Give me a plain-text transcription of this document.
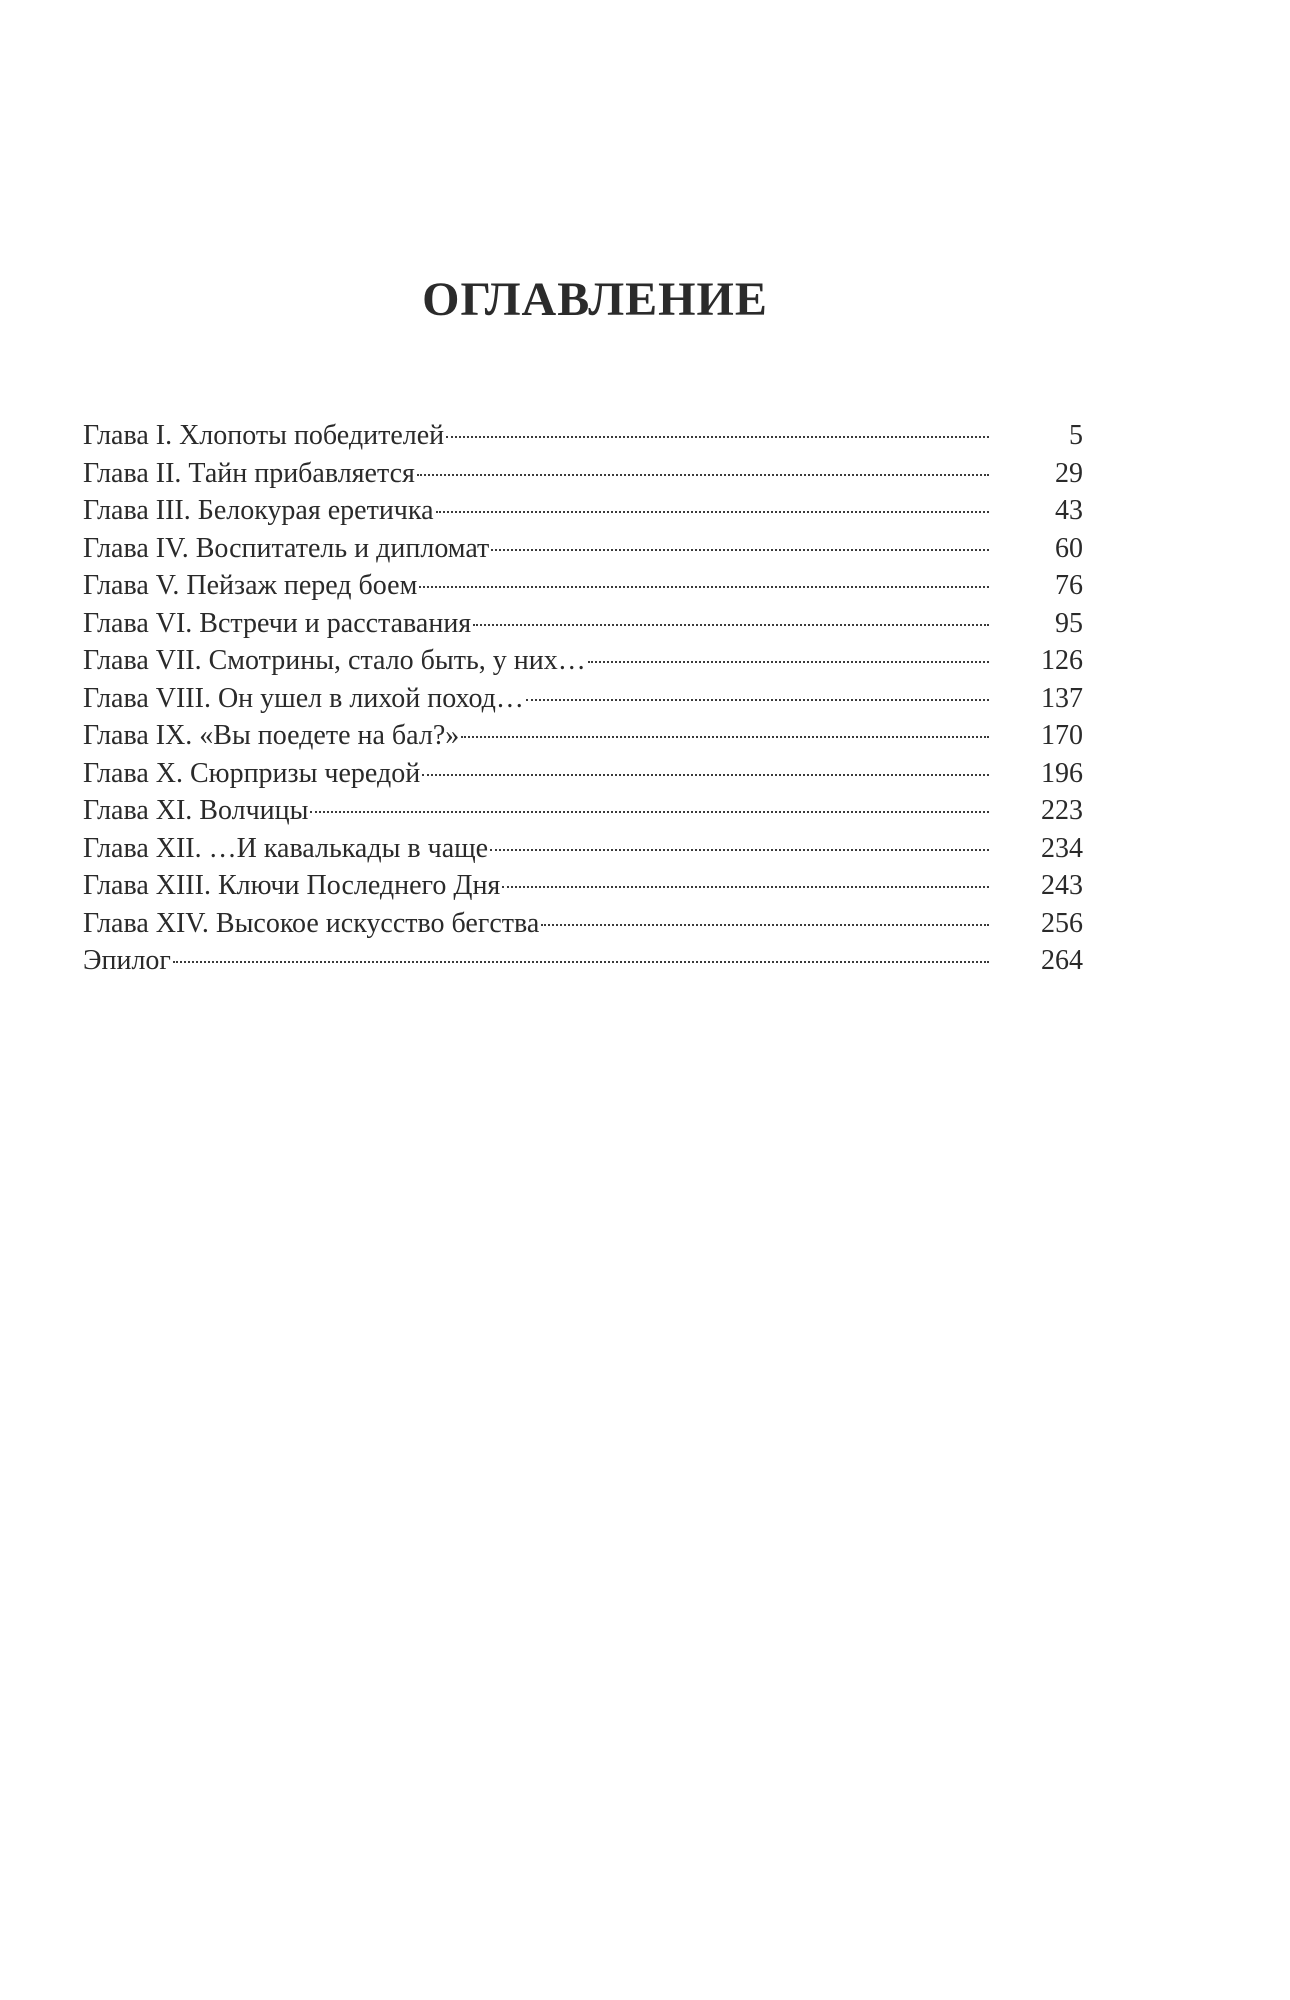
ОГЛАВЛЕНИЕ
Глава I. Хлопоты победителей	5
Глава II. Тайн прибавляется	29
Глава III. Белокурая еретичка	43
Глава IV. Воспитатель и дипломат	60
Глава V. Пейзаж перед боем	76
Глава VI. Встречи и расставания	95
Глава VII. Смотрины, стало быть, у них…	126
Глава VIII. Он ушел в лихой поход…	137
Глава IX. «Вы поедете на бал?»	170
Глава X. Сюрпризы чередой	196
Глава XI. Волчицы	223
Глава XII. …И кавалькады в чаще	234
Глава XIII. Ключи Последнего Дня	243
Глава XIV. Высокое искусство бегства	256
Эпилог	264
